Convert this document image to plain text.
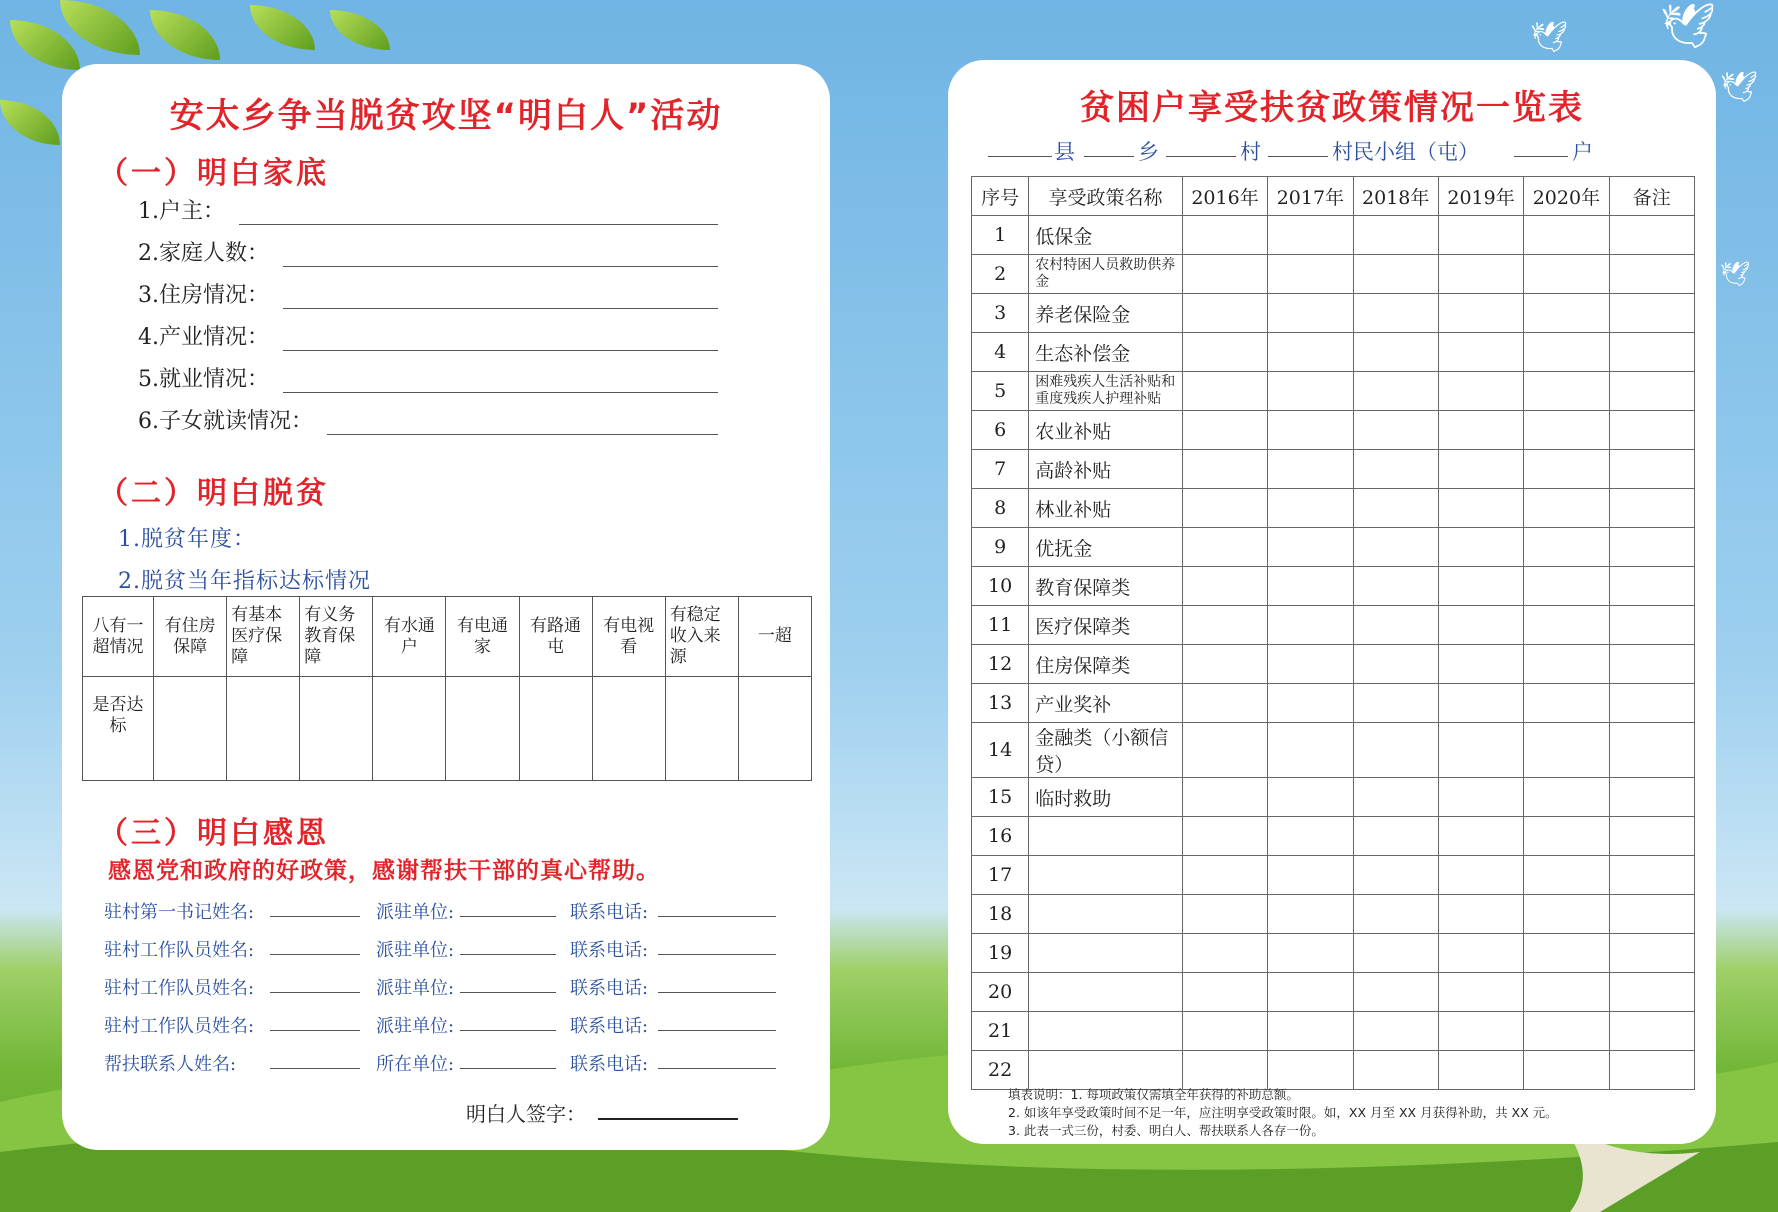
🕊 🕊
🕊
🕊
安太乡争当脱贫攻坚“明白人”活动
（一）明白家底
1.户主：
2.家庭人数：
3.住房情况：
4.产业情况：
5.就业情况：
6.子女就读情况：
（二）明白脱贫
1.脱贫年度：
2.脱贫当年指标达标情况
八有一超情况	有住房保障	有基本医疗保障	有义务教育保障	有水通户	有电通家	有路通屯	有电视看	有稳定收入来源	一超
是否达标									
（三）明白感恩
感恩党和政府的好政策，感谢帮扶干部的真心帮助。
驻村第一书记姓名:	派驻单位:	联系电话:
驻村工作队员姓名:	派驻单位:	联系电话:
驻村工作队员姓名:	派驻单位:	联系电话:
驻村工作队员姓名:	派驻单位:	联系电话:
帮扶联系人姓名:	所在单位:	联系电话:
明白人签字：
贫困户享受扶贫政策情况一览表
县	乡	村	村民小组（屯）	户
序号	享受政策名称	2016年	2017年	2018年	2019年	2020年	备注
1	低保金						
2	农村特困人员救助供养金						
3	养老保险金						
4	生态补偿金						
5	困难残疾人生活补贴和重度残疾人护理补贴						
6	农业补贴						
7	高龄补贴						
8	林业补贴						
9	优抚金						
10	教育保障类						
11	医疗保障类						
12	住房保障类						
13	产业奖补						
14	金融类（小额信贷）						
15	临时救助						
16							
17							
18							
19							
20							
21							
22							
填表说明：1. 每项政策仅需填全年获得的补助总额。
2. 如该年享受政策时间不足一年，应注明享受政策时限。如，XX 月至 XX 月获得补助，共 XX 元。
3. 此表一式三份，村委、明白人、帮扶联系人各存一份。
